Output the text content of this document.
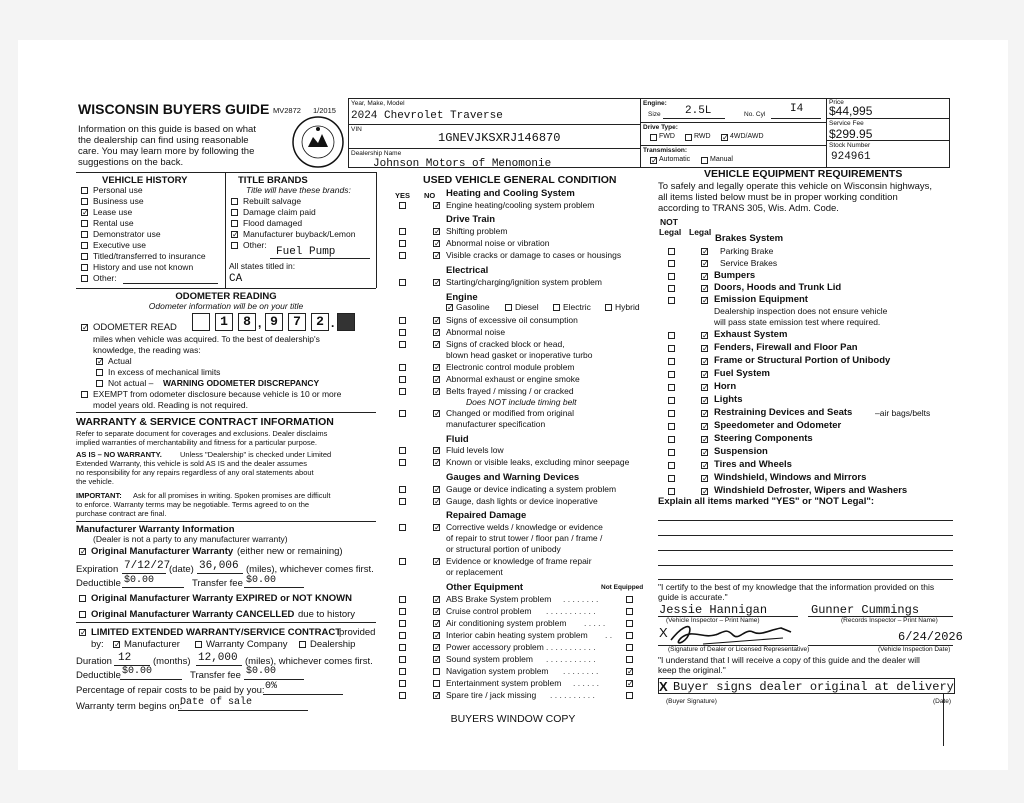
WISCONSIN BUYERS GUIDE MV2872 1/2015
Information on this guide is based on what
the dealership can find using reasonable
care. You may learn more by following the
suggestions on the back.
Year, Make, Model
2024 Chevrolet Traverse
VIN
1GNEVJKSXRJ146870
Dealership Name
Johnson Motors of Menomonie
Engine:
Size 2.5L	No. Cyl I4
Drive Type:
FWD	RWD ✓ 4WD/AWD
Transmission:
✓ Automatic	Manual
Price
$44,995
Service Fee
$299.95
Stock Number
924961
VEHICLE HISTORY
Personal use
Business use
✓ Lease use
Rental use
Demonstrator use
Executive use
Titled/transferred to insurance
History and use not known
Other:
TITLE BRANDS
Title will have these brands:
Rebuilt salvage
Damage claim paid
Flood damaged
✓ Manufacturer buyback/Lemon
Other:
Fuel Pump
All states titled in:
CA
ODOMETER READING
Odometer information will be on your title
✓ ODOMETER READ	1	8 , 9	7	2 .
miles when vehicle was acquired. To the best of dealership's
knowledge, the reading was:
✓ Actual
In excess of mechanical limits
Not actual – WARNING ODOMETER DISCREPANCY
EXEMPT from odometer disclosure because vehicle is 10 or more
model years old. Reading is not required.
WARRANTY & SERVICE CONTRACT INFORMATION
Refer to separate document for coverages and exclusions. Dealer disclaims
implied warranties of merchantability and fitness for a particular purpose.
AS IS – NO WARRANTY. Unless "Dealership" is checked under Limited
Extended Warranty, this vehicle is sold AS IS and the dealer assumes
no responsibility for any repairs regardless of any oral statements about
the vehicle.
IMPORTANT: Ask for all promises in writing. Spoken promises are difficult
to enforce. Warranty terms may be negotiable. Terms agreed to on the
purchase contract are final.
Manufacturer Warranty Information
(Dealer is not a party to any manufacturer warranty)
✓ Original Manufacturer Warranty (either new or remaining)
Expiration 7/12/27
(date) 36,006 (miles), whichever comes first.
Deductible $0.00	Transfer fee $0.00
Original Manufacturer Warranty EXPIRED or NOT KNOWN
Original Manufacturer Warranty CANCELLED due to history
✓ LIMITED EXTENDED WARRANTY/SERVICE CONTRACT
provided
by: ✓ Manufacturer	Warranty Company Dealership
Duration 12 (months) 12,000 (miles), whichever comes first.
Deductible $0.00	Transfer fee $0.00
Percentage of repair costs to be paid by you: 0%
Warranty term begins on:
Date of sale
USED VEHICLE GENERAL CONDITION
YES NO Heating and Cooling System
✓ Engine heating/cooling system problem
Drive Train
✓ Shifting problem
✓ Abnormal noise or vibration
✓ Visible cracks or damage to cases or housings
Electrical
✓ Starting/charging/ignition system problem
Engine
✓ Gasoline	Diesel	Electric	Hybrid
✓ Signs of excessive oil consumption
✓ Abnormal noise
✓ Signs of cracked block or head,
blown head gasket or inoperative turbo
✓ Electronic control module problem
✓ Abnormal exhaust or engine smoke
✓ Belts frayed / missing / or cracked
Does NOT include timing belt
✓ Changed or modified from original
manufacturer specification
Fluid
✓ Fluid levels low
✓ Known or visible leaks, excluding minor seepage
Gauges and Warning Devices
✓ Gauge or device indicating a system problem
✓ Gauge, dash lights or device inoperative
Repaired Damage
✓ Corrective welds / knowledge or evidence
of repair to strut tower / floor pan / frame /
or structural portion of unibody
✓ Evidence or knowledge of frame repair
or replacement
Other Equipment	Not Equipped
✓ ABS Brake System problem . . . . . . . .
✓ Cruise control problem . . . . . . . . . . .
✓ Air conditioning system problem . . . . .
✓ Interior cabin heating system problem . .
✓ Power accessory problem . . . . . . . . . . .
✓ Sound system problem . . . . . . . . . . .
Navigation system problem . . . . . . . .	✓
Entertainment system problem . . . . . .	✓
✓ Spare tire / jack missing . . . . . . . . . .
BUYERS WINDOW COPY
VEHICLE EQUIPMENT REQUIREMENTS
To safely and legally operate this vehicle on Wisconsin highways,
all items listed below must be in proper working condition
according to TRANS 305, Wis. Adm. Code.
NOT
Legal Legal
Brakes System
✓ Parking Brake
✓ Service Brakes
✓ Bumpers
✓ Doors, Hoods and Trunk Lid
✓ Emission Equipment
Dealership inspection does not ensure vehicle
will pass state emission test where required.
✓ Exhaust System
✓ Fenders, Firewall and Floor Pan
✓ Frame or Structural Portion of Unibody
✓ Fuel System
✓ Horn
✓ Lights
✓ Restraining Devices and Seats	–air bags/belts
✓ Speedometer and Odometer
✓ Steering Components
✓ Suspension
✓ Tires and Wheels
✓ Windshield, Windows and Mirrors
✓ Windshield Defroster, Wipers and Washers
Explain all items marked "YES" or "NOT Legal":
"I certify to the best of my knowledge that the information provided on this
guide is accurate."
Jessie Hannigan
(Vehicle Inspector – Print Name)
Gunner Cummings
(Records Inspector – Print Name)
X
(Signature of Dealer or Licensed Representative)
6/24/2026
(Vehicle Inspection Date)
"I understand that I will receive a copy of this guide and the dealer will
keep the original."
X Buyer signs dealer original at delivery
(Buyer Signature)	(Date)
